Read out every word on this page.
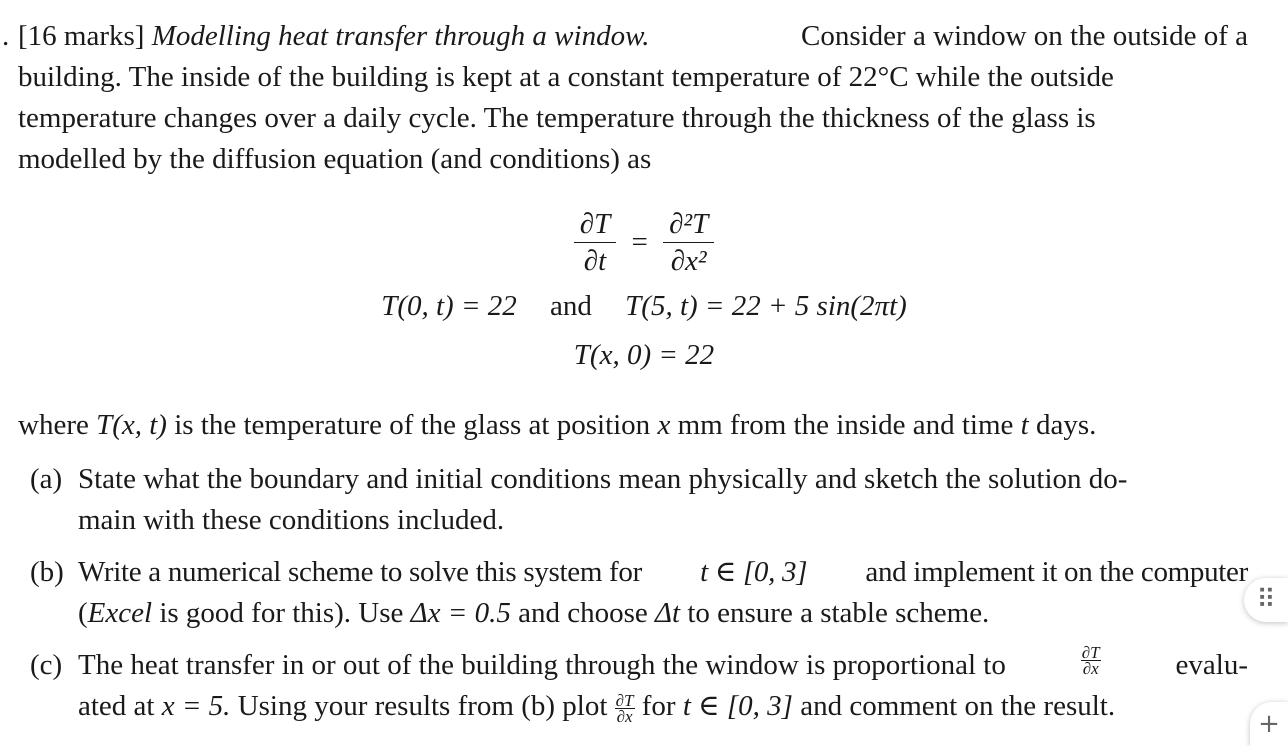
[16 marks] Modelling heat transfer through a window.	Consider a window on the outside of a
building. The inside of the building is kept at a constant temperature of 22°C while the outside
temperature changes over a daily cycle. The temperature through the thickness of the glass is
modelled by the diffusion equation (and conditions) as
.
$\frac{\partial T}{\partial t} = \frac{\text{∂²T}}{\text{∂x²}}$
T(0, t) = 22 and T(5, t) = 22 + 5 sin(2πt)
T(x, 0) = 22
where T(x, t) is the temperature of the glass at position x mm from the inside and time t days.
(a) State what the boundary and initial conditions mean physically and sketch the solution do-
main with these conditions included.
(b) Write a numerical scheme to solve this system for t ∈ [0, 3] and implement it on the computer
(Excel is good for this). Use Δx = 0.5 and choose Δt to ensure a stable scheme.
(c) The heat transfer in or out of the building through the window is proportional to	$\frac{\partial T}{\partial x}$	evalu-
ated at x = 5. Using your results from (b) plot $\frac{\partial T}{\partial x}$ for t ∈ [0, 3] and comment on the result.
⠿
+
